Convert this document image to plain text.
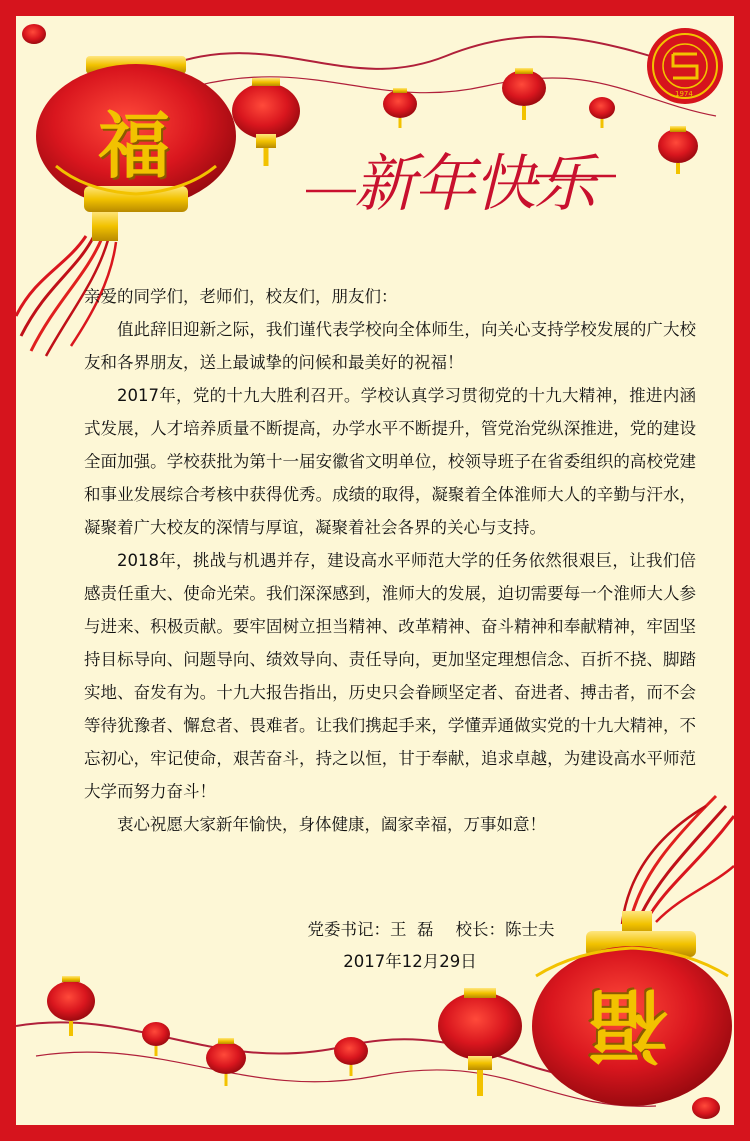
福
福
新年快乐
1974

亲爱的同学们，老师们，校友们，朋友们：

值此辞旧迎新之际，我们谨代表学校向全体师生，向关心支持学校发展的广大校友和各界朋友，送上最诚挚的问候和最美好的祝福！

2017年，党的十九大胜利召开。学校认真学习贯彻党的十九大精神，推进内涵式发展，人才培养质量不断提高，办学水平不断提升，管党治党纵深推进，党的建设全面加强。学校获批为第十一届安徽省文明单位，校领导班子在省委组织的高校党建和事业发展综合考核中获得优秀。成绩的取得，凝聚着全体淮师大人的辛勤与汗水，凝聚着广大校友的深情与厚谊，凝聚着社会各界的关心与支持。

2018年，挑战与机遇并存，建设高水平师范大学的任务依然很艰巨，让我们倍感责任重大、使命光荣。我们深深感到，淮师大的发展，迫切需要每一个淮师大人参与进来、积极贡献。要牢固树立担当精神、改革精神、奋斗精神和奉献精神，牢固坚持目标导向、问题导向、绩效导向、责任导向，更加坚定理想信念、百折不挠、脚踏实地、奋发有为。十九大报告指出，历史只会眷顾坚定者、奋进者、搏击者，而不会等待犹豫者、懈怠者、畏难者。让我们携起手来，学懂弄通做实党的十九大精神，不忘初心，牢记使命，艰苦奋斗，持之以恒，甘于奉献，追求卓越，为建设高水平师范大学而努力奋斗！

衷心祝愿大家新年愉快，身体健康，阖家幸福，万事如意！

党委书记：王  磊 校长：陈士夫
2017年12月29日
